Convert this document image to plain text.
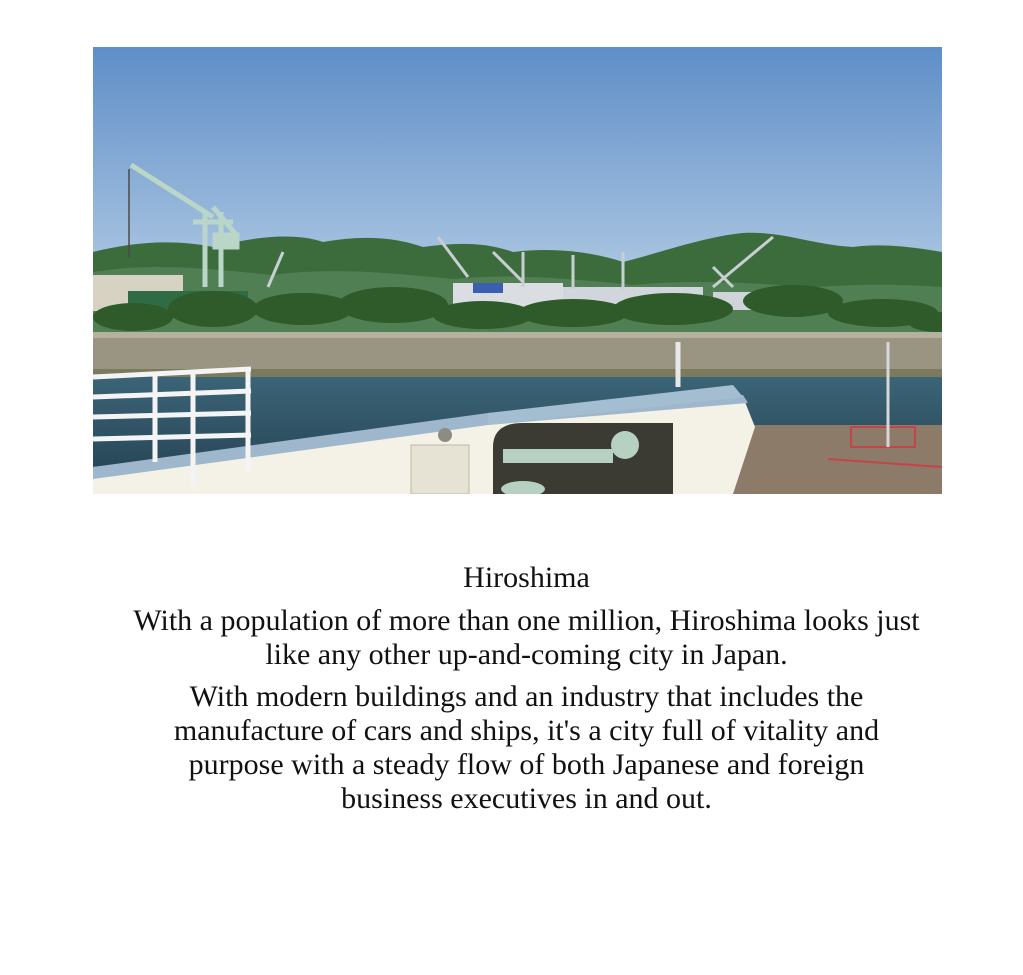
Hiroshima

With a population of more than one million, Hiroshima looks just like any other up-and-coming city in Japan.

With modern buildings and an industry that includes the manufacture of cars and ships, it's a city full of vitality and purpose with a steady flow of both Japanese and foreign business executives in and out.
